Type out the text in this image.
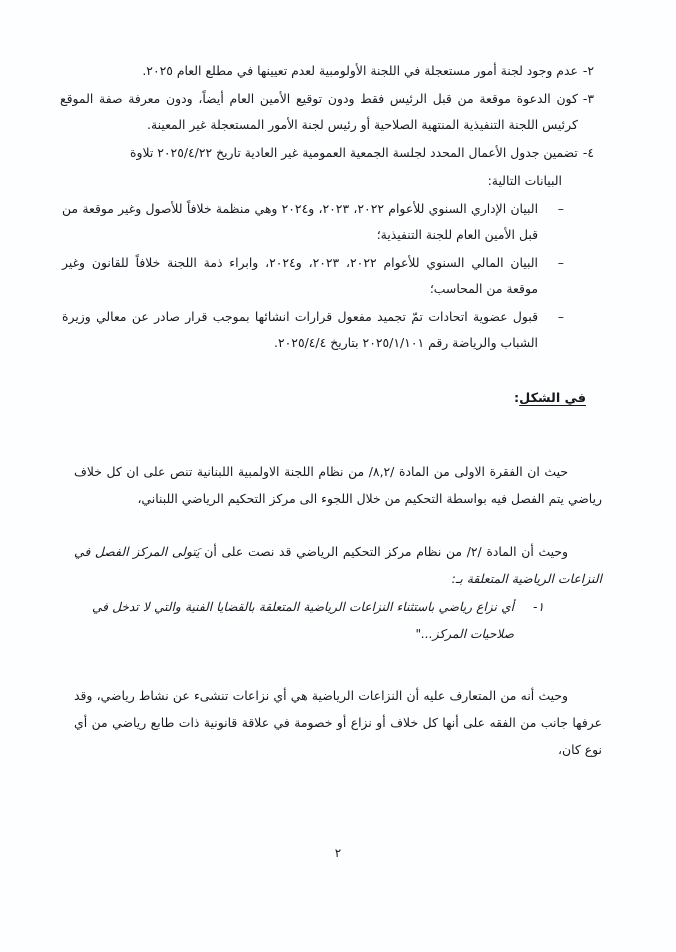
٢-
عدم وجود لجنة أمور مستعجلة في اللجنة الأولومبية لعدم تعيينها في مطلع العام ٢٠٢٥.
٣-
كون الدعوة موقعة من قبل الرئيس فقط ودون توقيع الأمين العام أيضاً، ودون معرفة صفة الموقع كرئيس اللجنة التنفيذية المنتهية الصلاحية أو رئيس لجنة الأمور المستعجلة غير المعينة.
٤-
تضمين جدول الأعمال المحدد لجلسة الجمعية العمومية غير العادية تاريخ ٢٠٢٥/٤/٢٢ تلاوة
البيانات التالية:
–
البيان الإداري السنوي للأعوام ٢٠٢٢، ٢٠٢٣، و٢٠٢٤ وهي منظمة خلافاً للأصول وغير موقعة من قبل الأمين العام للجنة التنفيذية؛
–
البيان المالي السنوي للأعوام ٢٠٢٢، ٢٠٢٣، و٢٠٢٤، وابراء ذمة اللجنة خلافاً للقانون وغير موقعة من المحاسب؛
–
قبول عضوية اتحادات تمّ تجميد مفعول قرارات انشائها بموجب قرار صادر عن معالي وزيرة الشباب والرياضة رقم ٢٠٢٥/١/١٠١ بتاريخ ٢٠٢٥/٤/٤.
في الشكل:

حيث ان الفقرة الاولى من المادة /٨,٢/ من نظام اللجنة الاولمبية اللبنانية تنص على ان كل خلاف رياضي يتم الفصل فيه بواسطة التحكيم من خلال اللجوء الى مركز التحكيم الرياضي اللبناني،

وحيث أن المادة /٢/ من نظام مركز التحكيم الرياضي قد نصت على أن يَتولى المركز الفصل في النزاعات الرياضية المتعلقة بـ:

١-
أي نزاع رياضي باستثناء النزاعات الرياضية المتعلقة بالقضايا الفنية والتي لا تدخل في صلاحيات المركز..."

وحيث أنه من المتعارف عليه أن النزاعات الرياضية هي أي نزاعات تنشىء عن نشاط رياضي، وقد عرفها جانب من الفقه على أنها كل خلاف أو نزاع أو خصومة في علاقة قانونية ذات طابع رياضي من أي نوع كان،

٢
